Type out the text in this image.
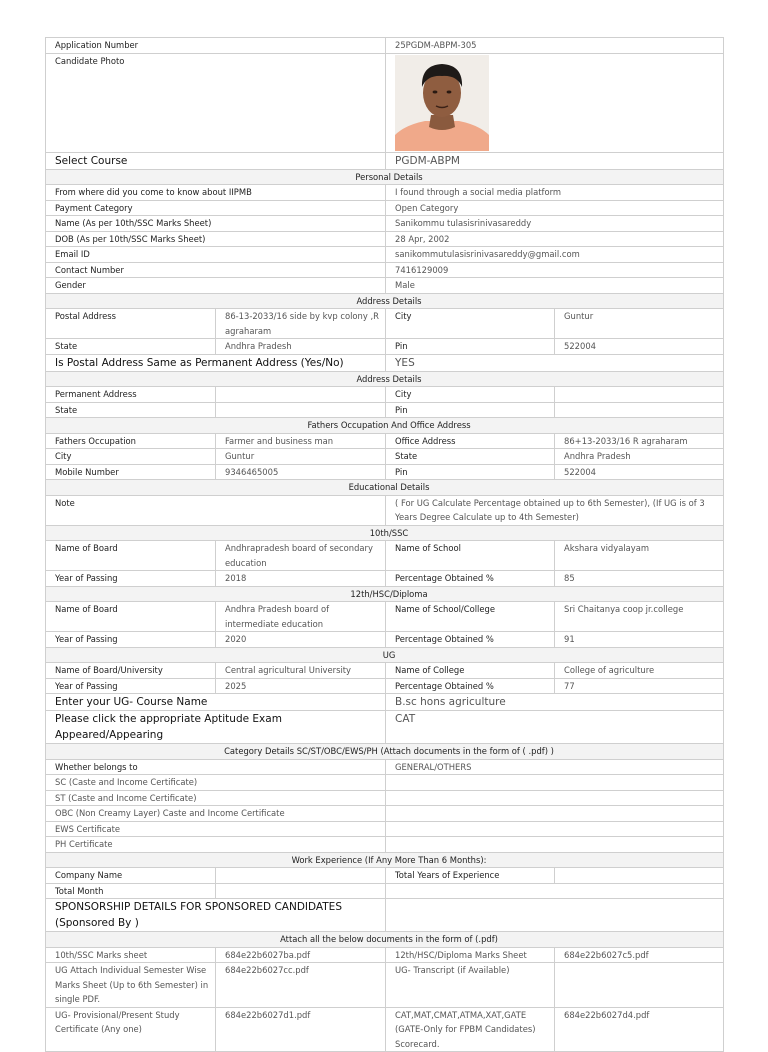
Application Number		25PGDM-ABPM-305	
Candidate Photo	

Select Course		PGDM-ABPM	
Personal Details			
From where did you come to know about IIPMB		I found through a social media platform	
Payment Category		Open Category	
Name (As per 10th/SSC Marks Sheet)		Sanikommu tulasisrinivasareddy	
DOB (As per 10th/SSC Marks Sheet)		28 Apr, 2002	
Email ID		sanikommutulasisrinivasareddy@gmail.com	
Contact Number		7416129009	
Gender		Male	
Address Details			
Postal Address	86-13-2033/16 side by kvp colony ,R agraharam	City	Guntur
State	Andhra Pradesh	Pin	522004
Is Postal Address Same as Permanent Address (Yes/No)		YES	
Address Details			
Permanent Address		City	
State		Pin	
Fathers Occupation And Office Address			
Fathers Occupation	Farmer and business man	Office Address	86+13-2033/16 R agraharam
City	Guntur	State	Andhra Pradesh
Mobile Number	9346465005	Pin	522004
Educational Details			
Note		( For UG Calculate Percentage obtained up to 6th Semester), (If UG is of 3 Years Degree Calculate up to 4th Semester)	
10th/SSC			
Name of Board	Andhrapradesh board of secondary education	Name of School	Akshara vidyalayam
Year of Passing	2018	Percentage Obtained %	85
12th/HSC/Diploma			
Name of Board	Andhra Pradesh board of intermediate education	Name of School/College	Sri Chaitanya coop jr.college
Year of Passing	2020	Percentage Obtained %	91
UG			
Name of Board/University	Central agricultural University	Name of College	College of agriculture
Year of Passing	2025	Percentage Obtained %	77
Enter your UG- Course Name		B.sc hons agriculture	
Please click the appropriate Aptitude Exam Appeared/Appearing		CAT	
Category Details SC/ST/OBC/EWS/PH (Attach documents in the form of ( .pdf) )			
Whether belongs to		GENERAL/OTHERS	
SC (Caste and Income Certificate)			
ST (Caste and Income Certificate)			
OBC (Non Creamy Layer) Caste and Income Certificate			
EWS Certificate			
PH Certificate			
Work Experience (If Any More Than 6 Months):			
Company Name		Total Years of Experience	
Total Month			
SPONSORSHIP DETAILS FOR SPONSORED CANDIDATES (Sponsored By )			
Attach all the below documents in the form of (.pdf)			
10th/SSC Marks sheet	684e22b6027ba.pdf	12th/HSC/Diploma Marks Sheet	684e22b6027c5.pdf
UG Attach Individual Semester Wise Marks Sheet (Up to 6th Semester) in single PDF.	684e22b6027cc.pdf	UG- Transcript (if Available)	
UG- Provisional/Present Study Certificate (Any one)	684e22b6027d1.pdf	CAT,MAT,CMAT,ATMA,XAT,GATE (GATE-Only for FPBM Candidates) Scorecard.	684e22b6027d4.pdf
